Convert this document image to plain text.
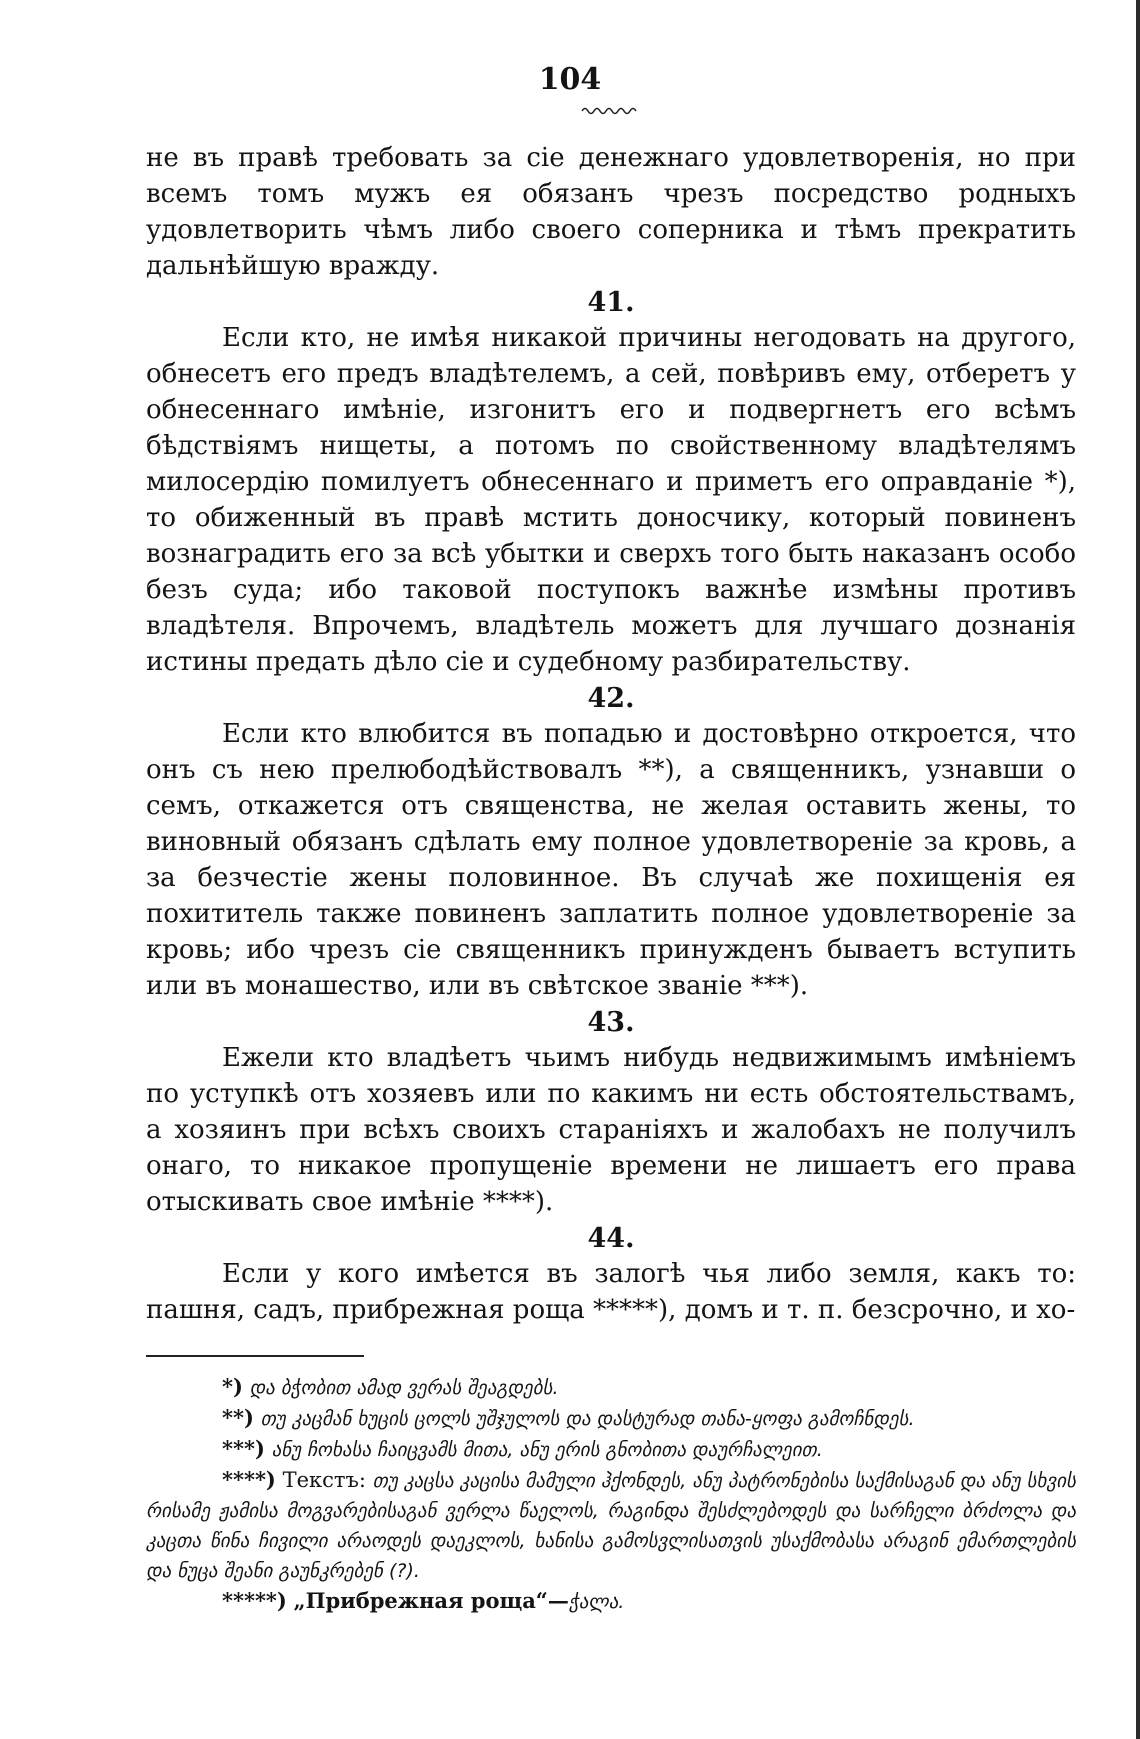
104

не въ правѣ требовать за сіе денежнаго удовлетворенія, но при всемъ томъ мужъ ея обязанъ чрезъ посредство родныхъ удовлетворить чѣмъ либо своего соперника и тѣмъ прекратить дальнѣйшую вражду.

41.

Если кто, не имѣя никакой причины негодовать на другого, обнесетъ его предъ владѣтелемъ, а сей, повѣривъ ему, отберетъ у обнесеннаго имѣніе, изгонитъ его и подвергнетъ его всѣмъ бѣдствіямъ нищеты, а потомъ по свойственному владѣтелямъ милосердію помилуетъ обнесеннаго и приметъ его оправданіе *), то обиженный въ правѣ мстить доносчику, который повиненъ вознаградить его за всѣ убытки и сверхъ того быть наказанъ особо безъ суда; ибо таковой поступокъ важнѣе измѣны противъ владѣтеля. Впрочемъ, владѣтель можетъ для лучшаго дознанія истины предать дѣло сіе и судебному разбирательству.

42.

Если кто влюбится въ попадью и достовѣрно откроется, что онъ съ нею прелюбодѣйствовалъ **), а священникъ, узнавши о семъ, откажется отъ священства, не желая оставить жены, то виновный обязанъ сдѣлать ему полное удовлетвореніе за кровь, а за безчестіе жены половинное. Въ случаѣ же похищенія ея похититель также повиненъ заплатить полное удовлетвореніе за кровь; ибо чрезъ сіе священникъ принужденъ бываетъ вступить или въ монашество, или въ свѣтское званіе ***).

43.

Ежели кто владѣетъ чьимъ нибудь недвижимымъ имѣніемъ по уступкѣ отъ хозяевъ или по какимъ ни есть обстоятельствамъ, а хозяинъ при всѣхъ своихъ стараніяхъ и жалобахъ не получилъ онаго, то никакое пропущеніе времени не лишаетъ его права отыскивать свое имѣніе ****).

44.

Если у кого имѣется въ залогѣ чья либо земля, какъ то: пашня, садъ, прибрежная роща *****), домъ и т. п. безсрочно, и хо-

*) და ბჭობით ამად ვერას შეაგდებს.

**) თუ კაცმან ხუცის ცოლს უშჯულოს და დასტურად თანა-ყოფა გამოჩნდეს.

***) ანუ ჩოხასა ჩაიცვამს მითა, ანუ ერის გნობითა დაურჩალეით.

****) Текстъ: თუ კაცსა კაცისა მამული ჰქონდეს, ანუ პატრონებისა საქმისაგან და ანუ სხვის რისამე ჟამისა მოგვარებისაგან ვერლა წაელოს, რაგინდა შესძლებოდეს და სარჩელი ბრძოლა და კაცთა წინა ჩივილი არაოდეს დაეკლოს, ხანისა გამოსვლისათვის უსაქმობასა არაგინ ემართლების და ნუცა შეანი გაუნკრებენ (?).

*****) „Прибрежная роща“—ჭალა.
